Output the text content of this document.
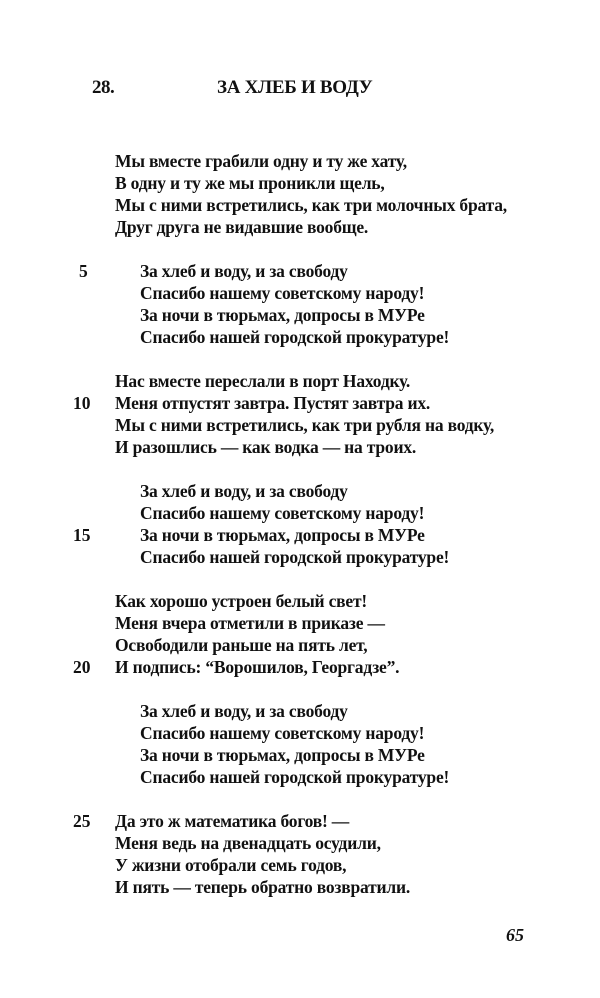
28.	ЗА ХЛЕБ И ВОДУ
Мы вместе грабили одну и ту же хату,
В одну и ту же мы проникли щель,
Мы с ними встретились, как три молочных брата,
Друг друга не видавшие вообще.
5	За хлеб и воду, и за свободу
Спасибо нашему советскому народу!
За ночи в тюрьмах, допросы в МУРе
Спасибо нашей городской прокуратуре!
Нас вместе переслали в порт Находку.
10 Меня отпустят завтра. Пустят завтра их.
Мы с ними встретились, как три рубля на водку,
И разошлись — как водка — на троих.
За хлеб и воду, и за свободу
Спасибо нашему советскому народу!
15	За ночи в тюрьмах, допросы в МУРе
Спасибо нашей городской прокуратуре!
Как хорошо устроен белый свет!
Меня вчера отметили в приказе —
Освободили раньше на пять лет,
20 И подпись: “Ворошилов, Георгадзе”.
За хлеб и воду, и за свободу
Спасибо нашему советскому народу!
За ночи в тюрьмах, допросы в МУРе
Спасибо нашей городской прокуратуре!
25 Да это ж математика богов! —
Меня ведь на двенадцать осудили,
У жизни отобрали семь годов,
И пять — теперь обратно возвратили.
65
